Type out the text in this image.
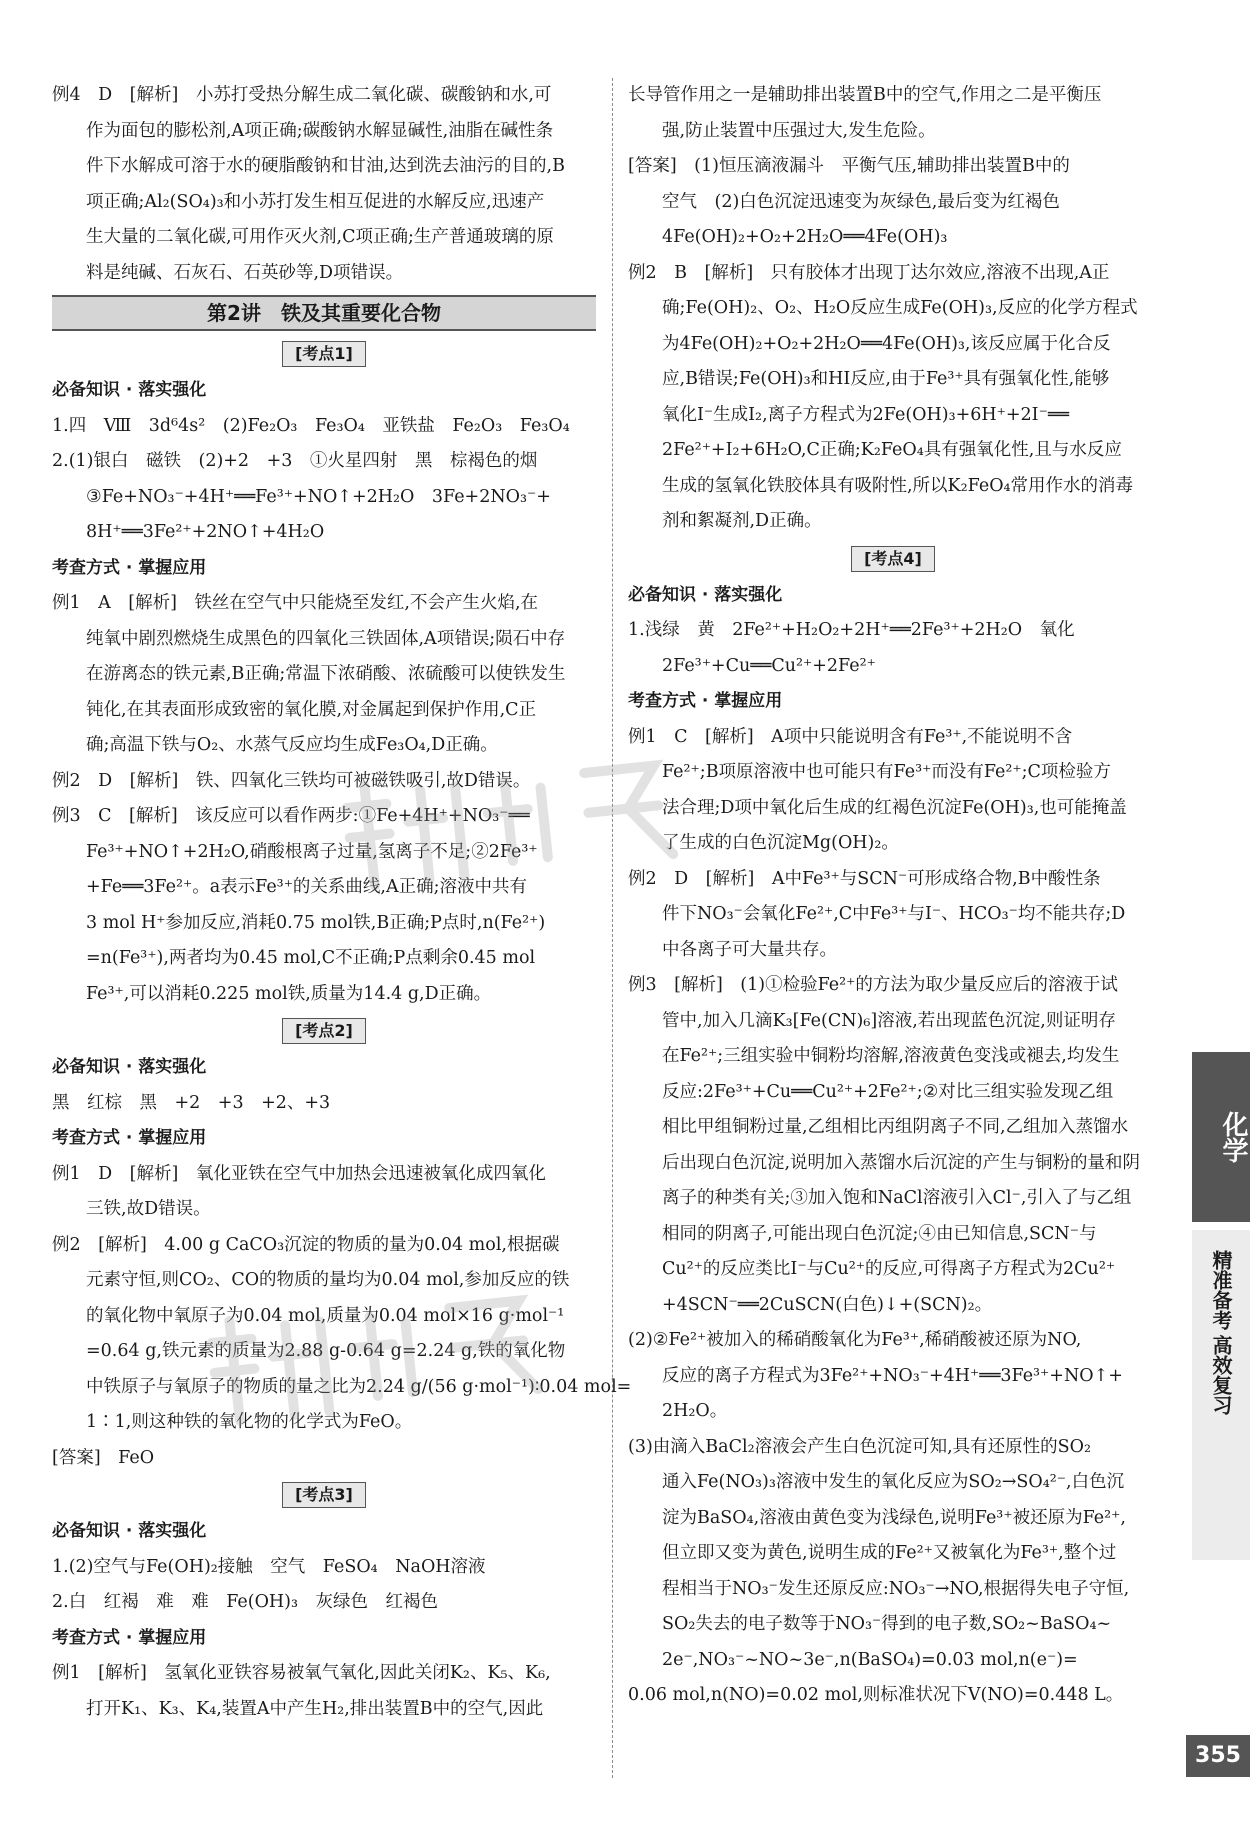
例4　D　[解析]　小苏打受热分解生成二氧化碳、碳酸钠和水,可
作为面包的膨松剂,A项正确;碳酸钠水解显碱性,油脂在碱性条
件下水解成可溶于水的硬脂酸钠和甘油,达到洗去油污的目的,B
项正确;Al₂(SO₄)₃和小苏打发生相互促进的水解反应,迅速产
生大量的二氧化碳,可用作灭火剂,C项正确;生产普通玻璃的原
料是纯碱、石灰石、石英砂等,D项错误。
第2讲　铁及其重要化合物
[考点1]
必备知识 · 落实强化
1.四　Ⅷ　3d⁶4s²　(2)Fe₂O₃　Fe₃O₄　亚铁盐　Fe₂O₃　Fe₃O₄
2.(1)银白　磁铁　(2)+2　+3　①火星四射　黑　棕褐色的烟
③Fe+NO₃⁻+4H⁺══Fe³⁺+NO↑+2H₂O　3Fe+2NO₃⁻+
8H⁺══3Fe²⁺+2NO↑+4H₂O
考查方式 · 掌握应用
例1　A　[解析]　铁丝在空气中只能烧至发红,不会产生火焰,在
纯氧中剧烈燃烧生成黑色的四氧化三铁固体,A项错误;陨石中存
在游离态的铁元素,B正确;常温下浓硝酸、浓硫酸可以使铁发生
钝化,在其表面形成致密的氧化膜,对金属起到保护作用,C正
确;高温下铁与O₂、水蒸气反应均生成Fe₃O₄,D正确。
例2　D　[解析]　铁、四氧化三铁均可被磁铁吸引,故D错误。
例3　C　[解析]　该反应可以看作两步:①Fe+4H⁺+NO₃⁻══
Fe³⁺+NO↑+2H₂O,硝酸根离子过量,氢离子不足;②2Fe³⁺
+Fe══3Fe²⁺。a表示Fe³⁺的关系曲线,A正确;溶液中共有
3 mol H⁺参加反应,消耗0.75 mol铁,B正确;P点时,n(Fe²⁺)
=n(Fe³⁺),两者均为0.45 mol,C不正确;P点剩余0.45 mol
Fe³⁺,可以消耗0.225 mol铁,质量为14.4 g,D正确。
[考点2]
必备知识 · 落实强化
黑　红棕　黑　+2　+3　+2、+3
考查方式 · 掌握应用
例1　D　[解析]　氧化亚铁在空气中加热会迅速被氧化成四氧化
三铁,故D错误。
例2　[解析]　4.00 g CaCO₃沉淀的物质的量为0.04 mol,根据碳
元素守恒,则CO₂、CO的物质的量均为0.04 mol,参加反应的铁
的氧化物中氧原子为0.04 mol,质量为0.04 mol×16 g·mol⁻¹
=0.64 g,铁元素的质量为2.88 g-0.64 g=2.24 g,铁的氧化物
中铁原子与氧原子的物质的量之比为2.24 g/(56 g·mol⁻¹)∶0.04 mol=
1∶1,则这种铁的氧化物的化学式为FeO。
[答案]　FeO
[考点3]
必备知识 · 落实强化
1.(2)空气与Fe(OH)₂接触　空气　FeSO₄　NaOH溶液
2.白　红褐　难　难　Fe(OH)₃　灰绿色　红褐色
考查方式 · 掌握应用
例1　[解析]　氢氧化亚铁容易被氧气氧化,因此关闭K₂、K₅、K₆,
打开K₁、K₃、K₄,装置A中产生H₂,排出装置B中的空气,因此
长导管作用之一是辅助排出装置B中的空气,作用之二是平衡压
强,防止装置中压强过大,发生危险。
[答案]　(1)恒压滴液漏斗　平衡气压,辅助排出装置B中的
空气　(2)白色沉淀迅速变为灰绿色,最后变为红褐色
4Fe(OH)₂+O₂+2H₂O══4Fe(OH)₃
例2　B　[解析]　只有胶体才出现丁达尔效应,溶液不出现,A正
确;Fe(OH)₂、O₂、H₂O反应生成Fe(OH)₃,反应的化学方程式
为4Fe(OH)₂+O₂+2H₂O══4Fe(OH)₃,该反应属于化合反
应,B错误;Fe(OH)₃和HI反应,由于Fe³⁺具有强氧化性,能够
氧化I⁻生成I₂,离子方程式为2Fe(OH)₃+6H⁺+2I⁻══
2Fe²⁺+I₂+6H₂O,C正确;K₂FeO₄具有强氧化性,且与水反应
生成的氢氧化铁胶体具有吸附性,所以K₂FeO₄常用作水的消毒
剂和絮凝剂,D正确。
[考点4]
必备知识 · 落实强化
1.浅绿　黄　2Fe²⁺+H₂O₂+2H⁺══2Fe³⁺+2H₂O　氧化
2Fe³⁺+Cu══Cu²⁺+2Fe²⁺
考查方式 · 掌握应用
例1　C　[解析]　A项中只能说明含有Fe³⁺,不能说明不含
Fe²⁺;B项原溶液中也可能只有Fe³⁺而没有Fe²⁺;C项检验方
法合理;D项中氧化后生成的红褐色沉淀Fe(OH)₃,也可能掩盖
了生成的白色沉淀Mg(OH)₂。
例2　D　[解析]　A中Fe³⁺与SCN⁻可形成络合物,B中酸性条
件下NO₃⁻会氧化Fe²⁺,C中Fe³⁺与I⁻、HCO₃⁻均不能共存;D
中各离子可大量共存。
例3　[解析]　(1)①检验Fe²⁺的方法为取少量反应后的溶液于试
管中,加入几滴K₃[Fe(CN)₆]溶液,若出现蓝色沉淀,则证明存
在Fe²⁺;三组实验中铜粉均溶解,溶液黄色变浅或褪去,均发生
反应:2Fe³⁺+Cu══Cu²⁺+2Fe²⁺;②对比三组实验发现乙组
相比甲组铜粉过量,乙组相比丙组阴离子不同,乙组加入蒸馏水
后出现白色沉淀,说明加入蒸馏水后沉淀的产生与铜粉的量和阴
离子的种类有关;③加入饱和NaCl溶液引入Cl⁻,引入了与乙组
相同的阴离子,可能出现白色沉淀;④由已知信息,SCN⁻与
Cu²⁺的反应类比I⁻与Cu²⁺的反应,可得离子方程式为2Cu²⁺
+4SCN⁻══2CuSCN(白色)↓+(SCN)₂。
(2)②Fe²⁺被加入的稀硝酸氧化为Fe³⁺,稀硝酸被还原为NO,
反应的离子方程式为3Fe²⁺+NO₃⁻+4H⁺══3Fe³⁺+NO↑+
2H₂O。
(3)由滴入BaCl₂溶液会产生白色沉淀可知,具有还原性的SO₂
通入Fe(NO₃)₃溶液中发生的氧化反应为SO₂→SO₄²⁻,白色沉
淀为BaSO₄,溶液由黄色变为浅绿色,说明Fe³⁺被还原为Fe²⁺,
但立即又变为黄色,说明生成的Fe²⁺又被氧化为Fe³⁺,整个过
程相当于NO₃⁻发生还原反应:NO₃⁻→NO,根据得失电子守恒,
SO₂失去的电子数等于NO₃⁻得到的电子数,SO₂~BaSO₄~
2e⁻,NO₃⁻~NO~3e⁻,n(BaSO₄)=0.03 mol,n(e⁻)=
0.06 mol,n(NO)=0.02 mol,则标准状况下V(NO)=0.448 L。
化学
精准备考 高效复习
355
